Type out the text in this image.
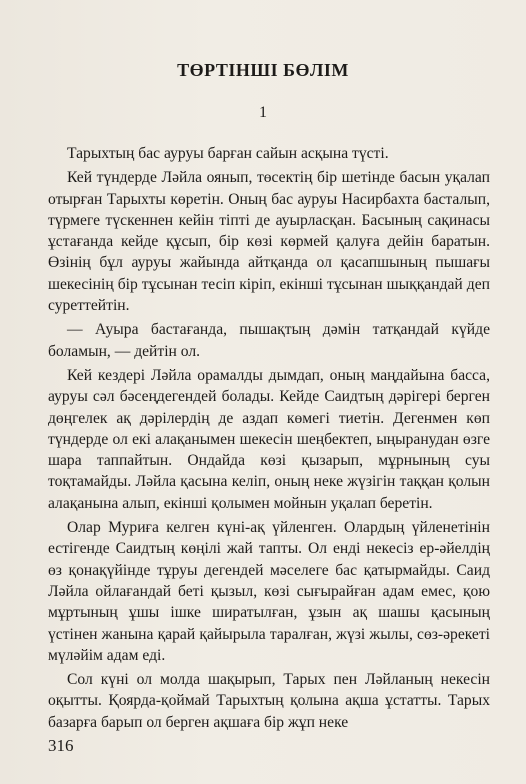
ТӨРТІНШІ БӨЛІМ
1

Тарыхтың бас ауруы барған сайын асқына түсті.

Кей түндерде Ләйла оянып, төсектің бір шетінде басын уқалап отырған Тарыхты көретін. Оның бас ауруы Насирбахта басталып, түрмеге түскеннен кейін тіпті де ауырласқан. Басының сақинасы ұстағанда кейде құсып, бір көзі көрмей қалуға дейін баратын. Өзінің бұл ауруы жайында айтқанда ол қасапшының пышағы шекесінің бір тұсынан тесіп кіріп, екінші тұсынан шыққандай деп суреттейтін.

— Ауыра бастағанда, пышақтың дәмін татқандай күйде боламын, — дейтін ол.

Кей кездері Ләйла орамалды дымдап, оның маңдайына басса, ауруы сәл бәсеңдегендей болады. Кейде Саидтың дәрігері берген дөңгелек ақ дәрілердің де аздап көмегі тиетін. Дегенмен көп түндерде ол екі алақанымен шекесін шеңбектеп, ыңыранудан өзге шара таппайтын. Ондайда көзі қызарып, мұрнының суы тоқтамайды. Ләйла қасына келіп, оның неке жүзігін таққан қолын алақанына алып, екінші қолымен мойнын уқалап беретін.

Олар Муриға келген күні-ақ үйленген. Олардың үйленетінін естігенде Саидтың көңілі жай тапты. Ол енді некесіз ер-әйелдің өз қонақүйінде тұруы дегендей мәселеге бас қатырмайды. Саид Ләйла ойлағандай беті қызыл, көзі сығырайған адам емес, қою мұртының ұшы ішке ширатылған, ұзын ақ шашы қасының үстінен жанына қарай қайырыла таралған, жүзі жылы, сөз-әрекеті мүләйім адам еді.

Сол күні ол молда шақырып, Тарых пен Ләйланың некесін оқытты. Қоярда-қоймай Тарыхтың қолына ақша ұстатты. Тарых базарға барып ол берген ақшаға бір жұп неке

316
